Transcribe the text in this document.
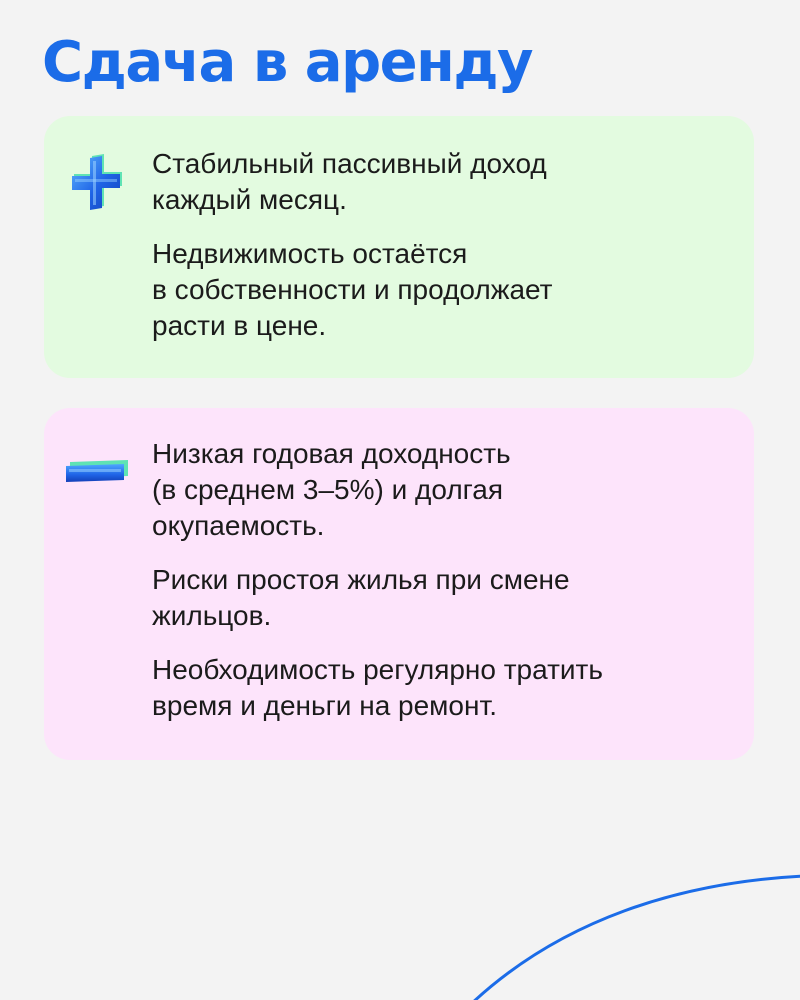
Сдача в аренду

Стабильный пассивный доход
каждый месяц.

Недвижимость остаётся
в собственности и продолжает
расти в цене.

Низкая годовая доходность
(в среднем 3–5%) и долгая
окупаемость.

Риски простоя жилья при смене
жильцов.

Необходимость регулярно тратить
время и деньги на ремонт.
